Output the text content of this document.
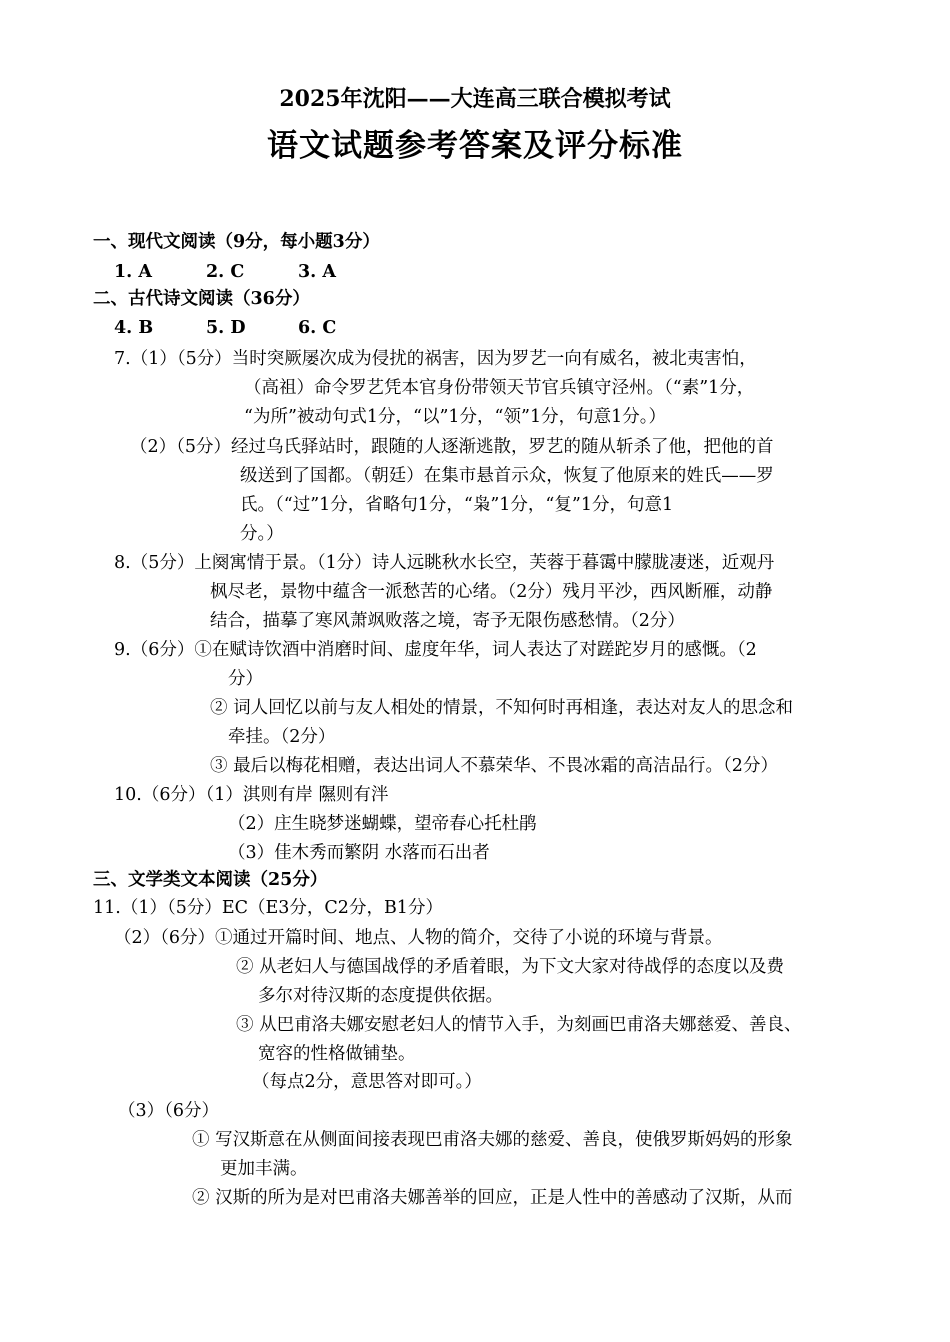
2025年沈阳——大连高三联合模拟考试
语文试题参考答案及评分标准
一、现代文阅读（9分，每小题3分）
1. A	2. C	3. A
二、古代诗文阅读（36分）
4. B	5. D	6. C
7.（1）（5分）当时突厥屡次成为侵扰的祸害，因为罗艺一向有威名，被北夷害怕，
（高祖）命令罗艺凭本官身份带领天节官兵镇守泾州。（“素”1分，
“为所”被动句式1分，“以”1分，“领”1分，句意1分。）
（2）（5分）经过乌氏驿站时，跟随的人逐渐逃散，罗艺的随从斩杀了他，把他的首
级送到了国都。（朝廷）在集市悬首示众，恢复了他原来的姓氏——罗
氏。（“过”1分，省略句1分，“枭”1分，“复”1分，句意1
分。）
8.（5分）上阕寓情于景。（1分）诗人远眺秋水长空，芙蓉于暮霭中朦胧凄迷，近观丹
枫尽老，景物中蕴含一派愁苦的心绪。（2分）残月平沙，西风断雁，动静
结合，描摹了寒风萧飒败落之境，寄予无限伤感愁情。（2分）
9.（6分）①在赋诗饮酒中消磨时间、虚度年华，词人表达了对蹉跎岁月的感慨。（2
分）
② 词人回忆以前与友人相处的情景，不知何时再相逢，表达对友人的思念和
牵挂。（2分）
③ 最后以梅花相赠，表达出词人不慕荣华、不畏冰霜的高洁品行。（2分）
10.（6分）（1）淇则有岸 隰则有泮
（2）庄生晓梦迷蝴蝶，望帝春心托杜鹃
（3）佳木秀而繁阴 水落而石出者
三、文学类文本阅读（25分）
11.（1）（5分）EC（E3分，C2分，B1分）
（2）（6分）①通过开篇时间、地点、人物的简介，交待了小说的环境与背景。
② 从老妇人与德国战俘的矛盾着眼，为下文大家对待战俘的态度以及费
多尔对待汉斯的态度提供依据。
③ 从巴甫洛夫娜安慰老妇人的情节入手，为刻画巴甫洛夫娜慈爱、善良、
宽容的性格做铺垫。
（每点2分，意思答对即可。）
（3）（6分）
① 写汉斯意在从侧面间接表现巴甫洛夫娜的慈爱、善良，使俄罗斯妈妈的形象
更加丰满。
② 汉斯的所为是对巴甫洛夫娜善举的回应，正是人性中的善感动了汉斯，从而
